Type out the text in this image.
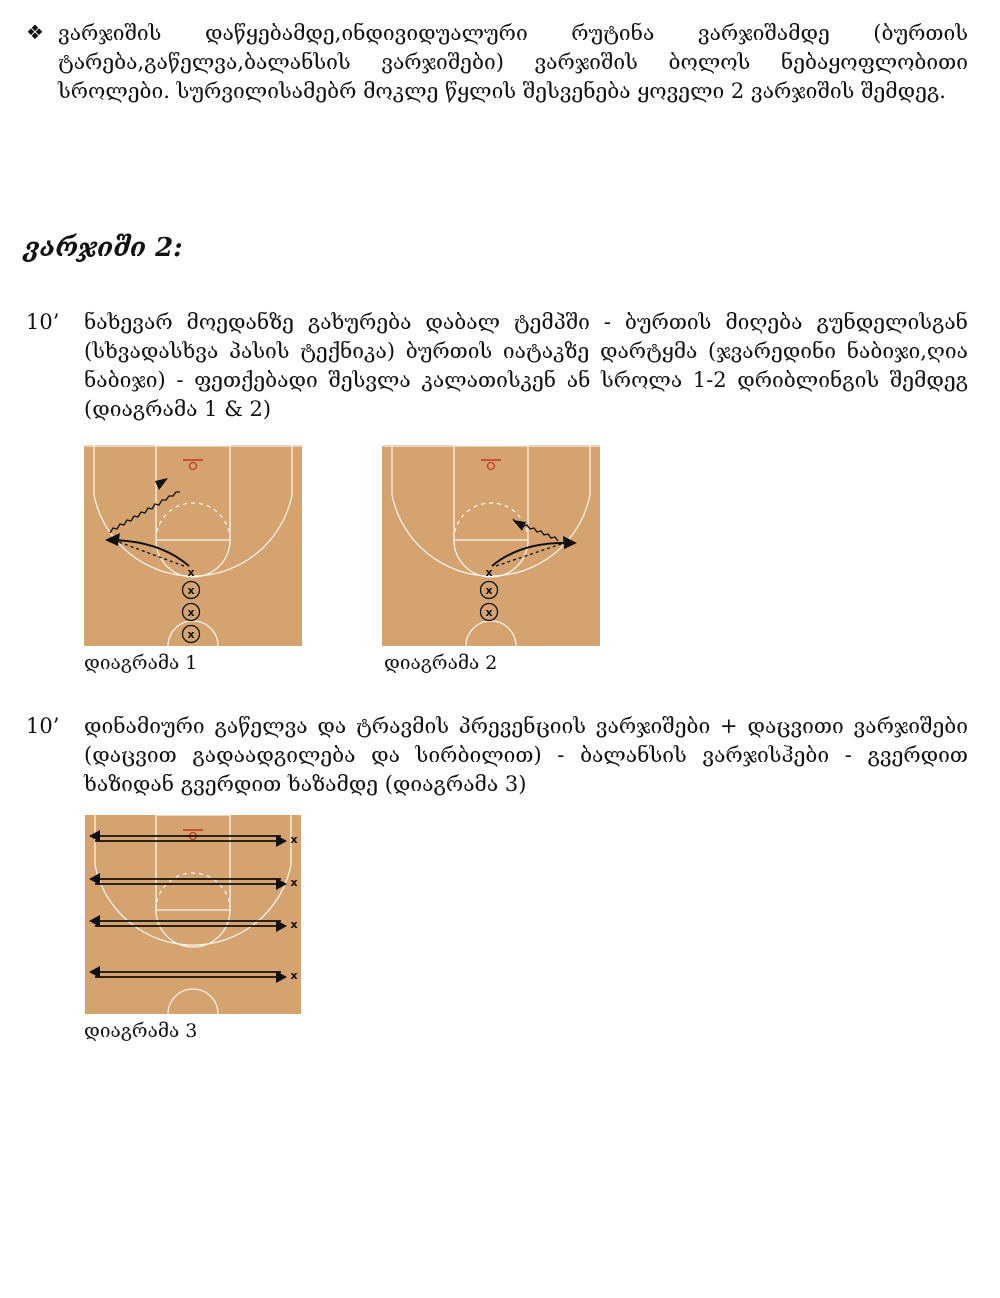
❖ ვარჯიშის დაწყებამდე,ინდივიდუალური რუტინა ვარჯიშამდე (ბურთის ტარება,გაწელვა,ბალანსის ვარჯიშები) ვარჯიშის ბოლოს ნებაყოფლობითი სროლები. სურვილისამებრ მოკლე წყლის შესვენება ყოველი 2 ვარჯიშის შემდეგ.
ვარჯიში 2:
10’ ნახევარ მოედანზე გახურება დაბალ ტემპში - ბურთის მიღება გუნდელისგან (სხვადასხვა პასის ტექნიკა) ბურთის იატაკზე დარტყმა (ჯვარედინი ნაბიჯი,ღია ნაბიჯი) - ფეთქებადი შესვლა კალათისკენ ან სროლა 1-2 დრიბლინგის შემდეგ (დიაგრამა 1 & 2)
x
x
x
x
დიაგრამა 1
x
x
x
დიაგრამა 2
10’ დინამიური გაწელვა და ტრავმის პრევენციის ვარჯიშები + დაცვითი ვარჯიშები (დაცვით გადაადგილება და სირბილით) - ბალანსის ვარჯისჰები - გვერდით ხაზიდან გვერდით ხაზამდე (დიაგრამა 3)
x
x
x
x
დიაგრამა 3
